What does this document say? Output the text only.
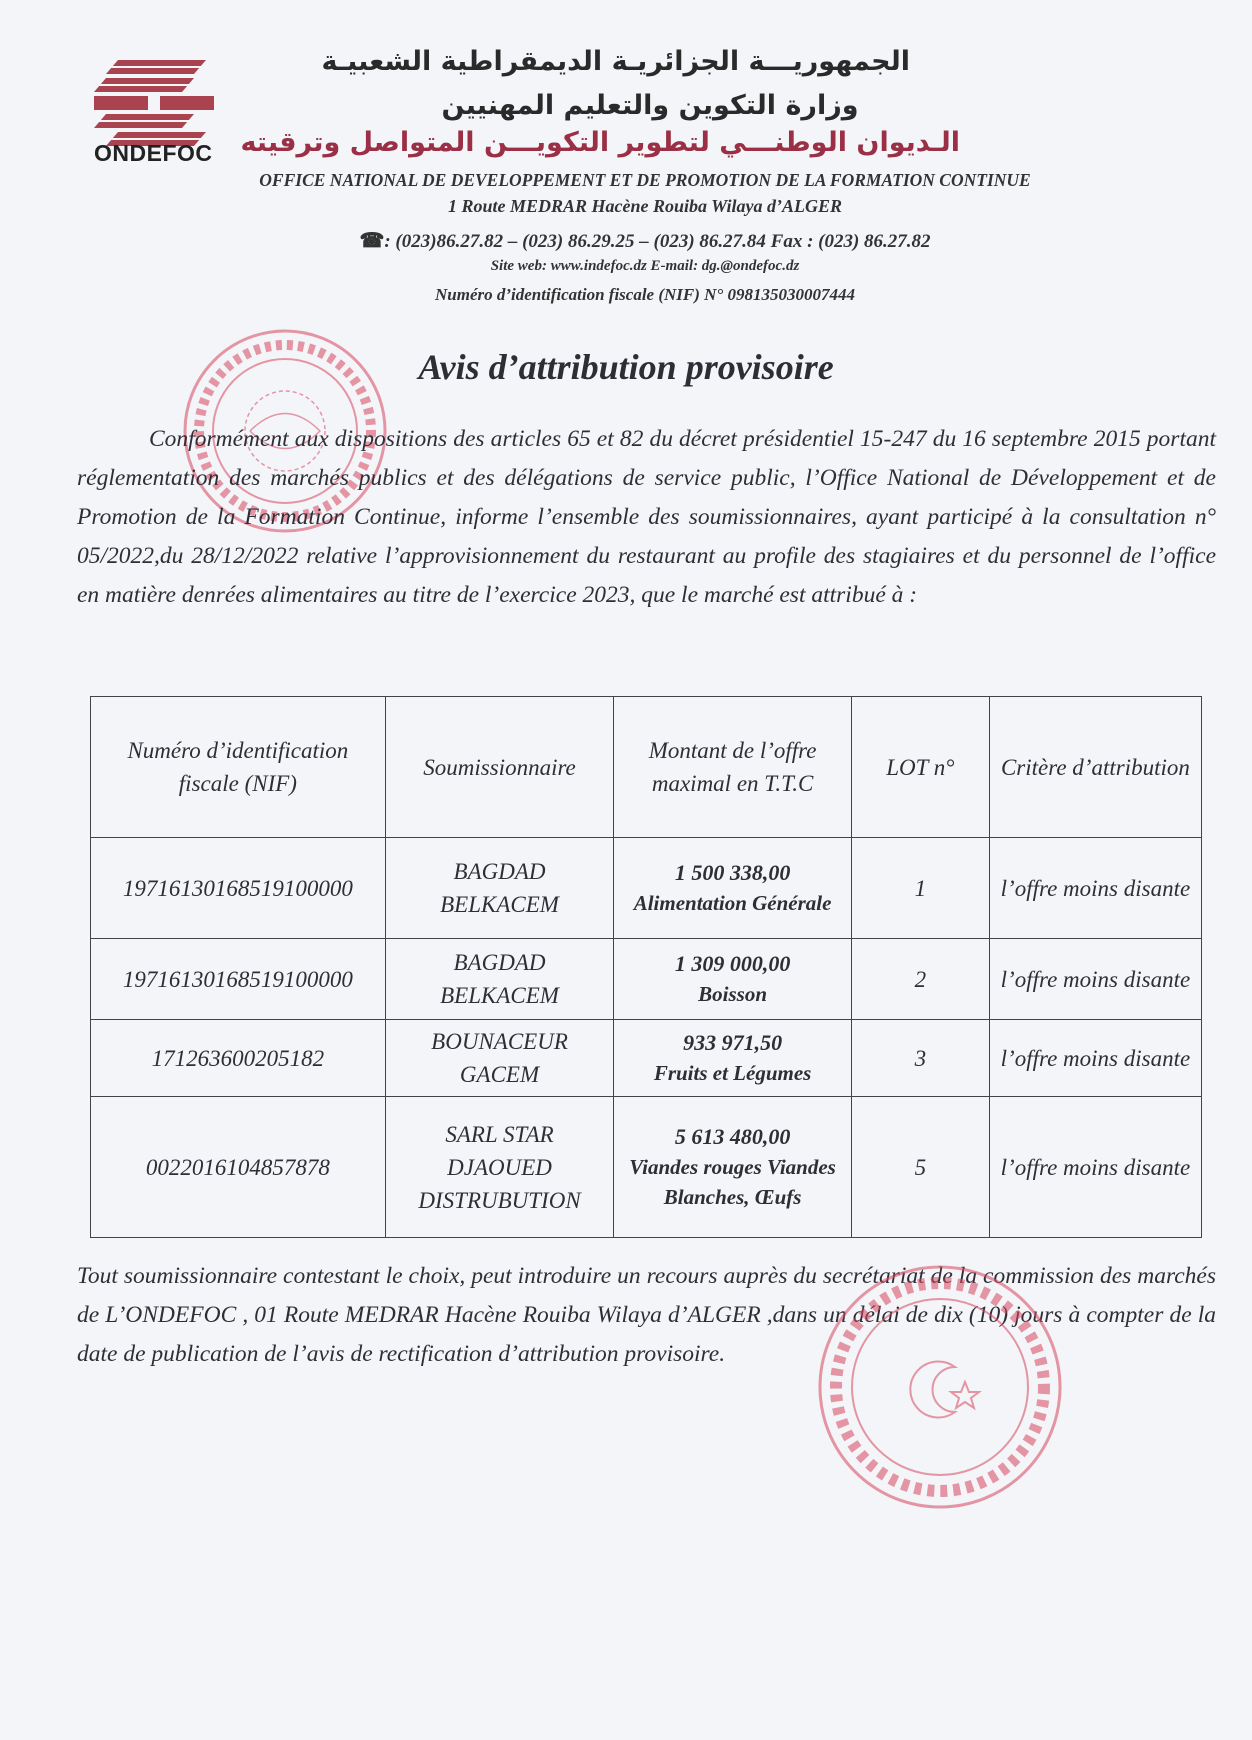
ONDEFOC
الجمهوريـــة الجزائريـة الديمقراطية الشعبيـة
وزارة التكوين والتعليم المهنيين
الـديوان الوطنـــي لتطوير التكويـــن المتواصل وترقيته
OFFICE NATIONAL DE DEVELOPPEMENT ET DE PROMOTION DE LA FORMATION CONTINUE
1 Route MEDRAR Hacène Rouiba Wilaya d’ALGER
☎: (023)86.27.82 – (023) 86.29.25 – (023) 86.27.84 Fax : (023) 86.27.82
Site web: www.indefoc.dz E-mail: dg.@ondefoc.dz
Numéro d’identification fiscale (NIF) N° 098135030007444
Avis d’attribution provisoire
Conformément aux dispositions des articles 65 et 82 du décret présidentiel 15-247 du 16 septembre 2015 portant réglementation des marchés publics et des délégations de service public, l’Office National de Développement et de Promotion de la Formation Continue, informe l’ensemble des soumissionnaires, ayant participé à la consultation n° 05/2022,du 28/12/2022 relative l’approvisionnement du restaurant au profile des stagiaires et du personnel de l’office en matière denrées alimentaires au titre de l’exercice 2023, que le marché est attribué à :
Numéro d’identification fiscale (NIF)	Soumissionnaire	Montant de l’offre maximal en T.T.C	LOT n°	Critère d’attribution
19716130168519100000	BAGDAD BELKACEM	1 500 338,00
Alimentation Générale	1	l’offre moins disante
19716130168519100000	BAGDAD BELKACEM	1 309 000,00
Boisson	2	l’offre moins disante
171263600205182	BOUNACEUR GACEM	933 971,50
Fruits et Légumes	3	l’offre moins disante
0022016104857878	SARL STAR DJAOUED DISTRUBUTION	5 613 480,00
Viandes rouges Viandes Blanches, Œufs	5	l’offre moins disante
Tout soumissionnaire contestant le choix, peut introduire un recours auprès du secrétariat de la commission des marchés de L’ONDEFOC , 01 Route MEDRAR Hacène Rouiba Wilaya d’ALGER ,dans un délai de dix (10) jours à compter de la date de publication de l’avis de rectification d’attribution provisoire.
